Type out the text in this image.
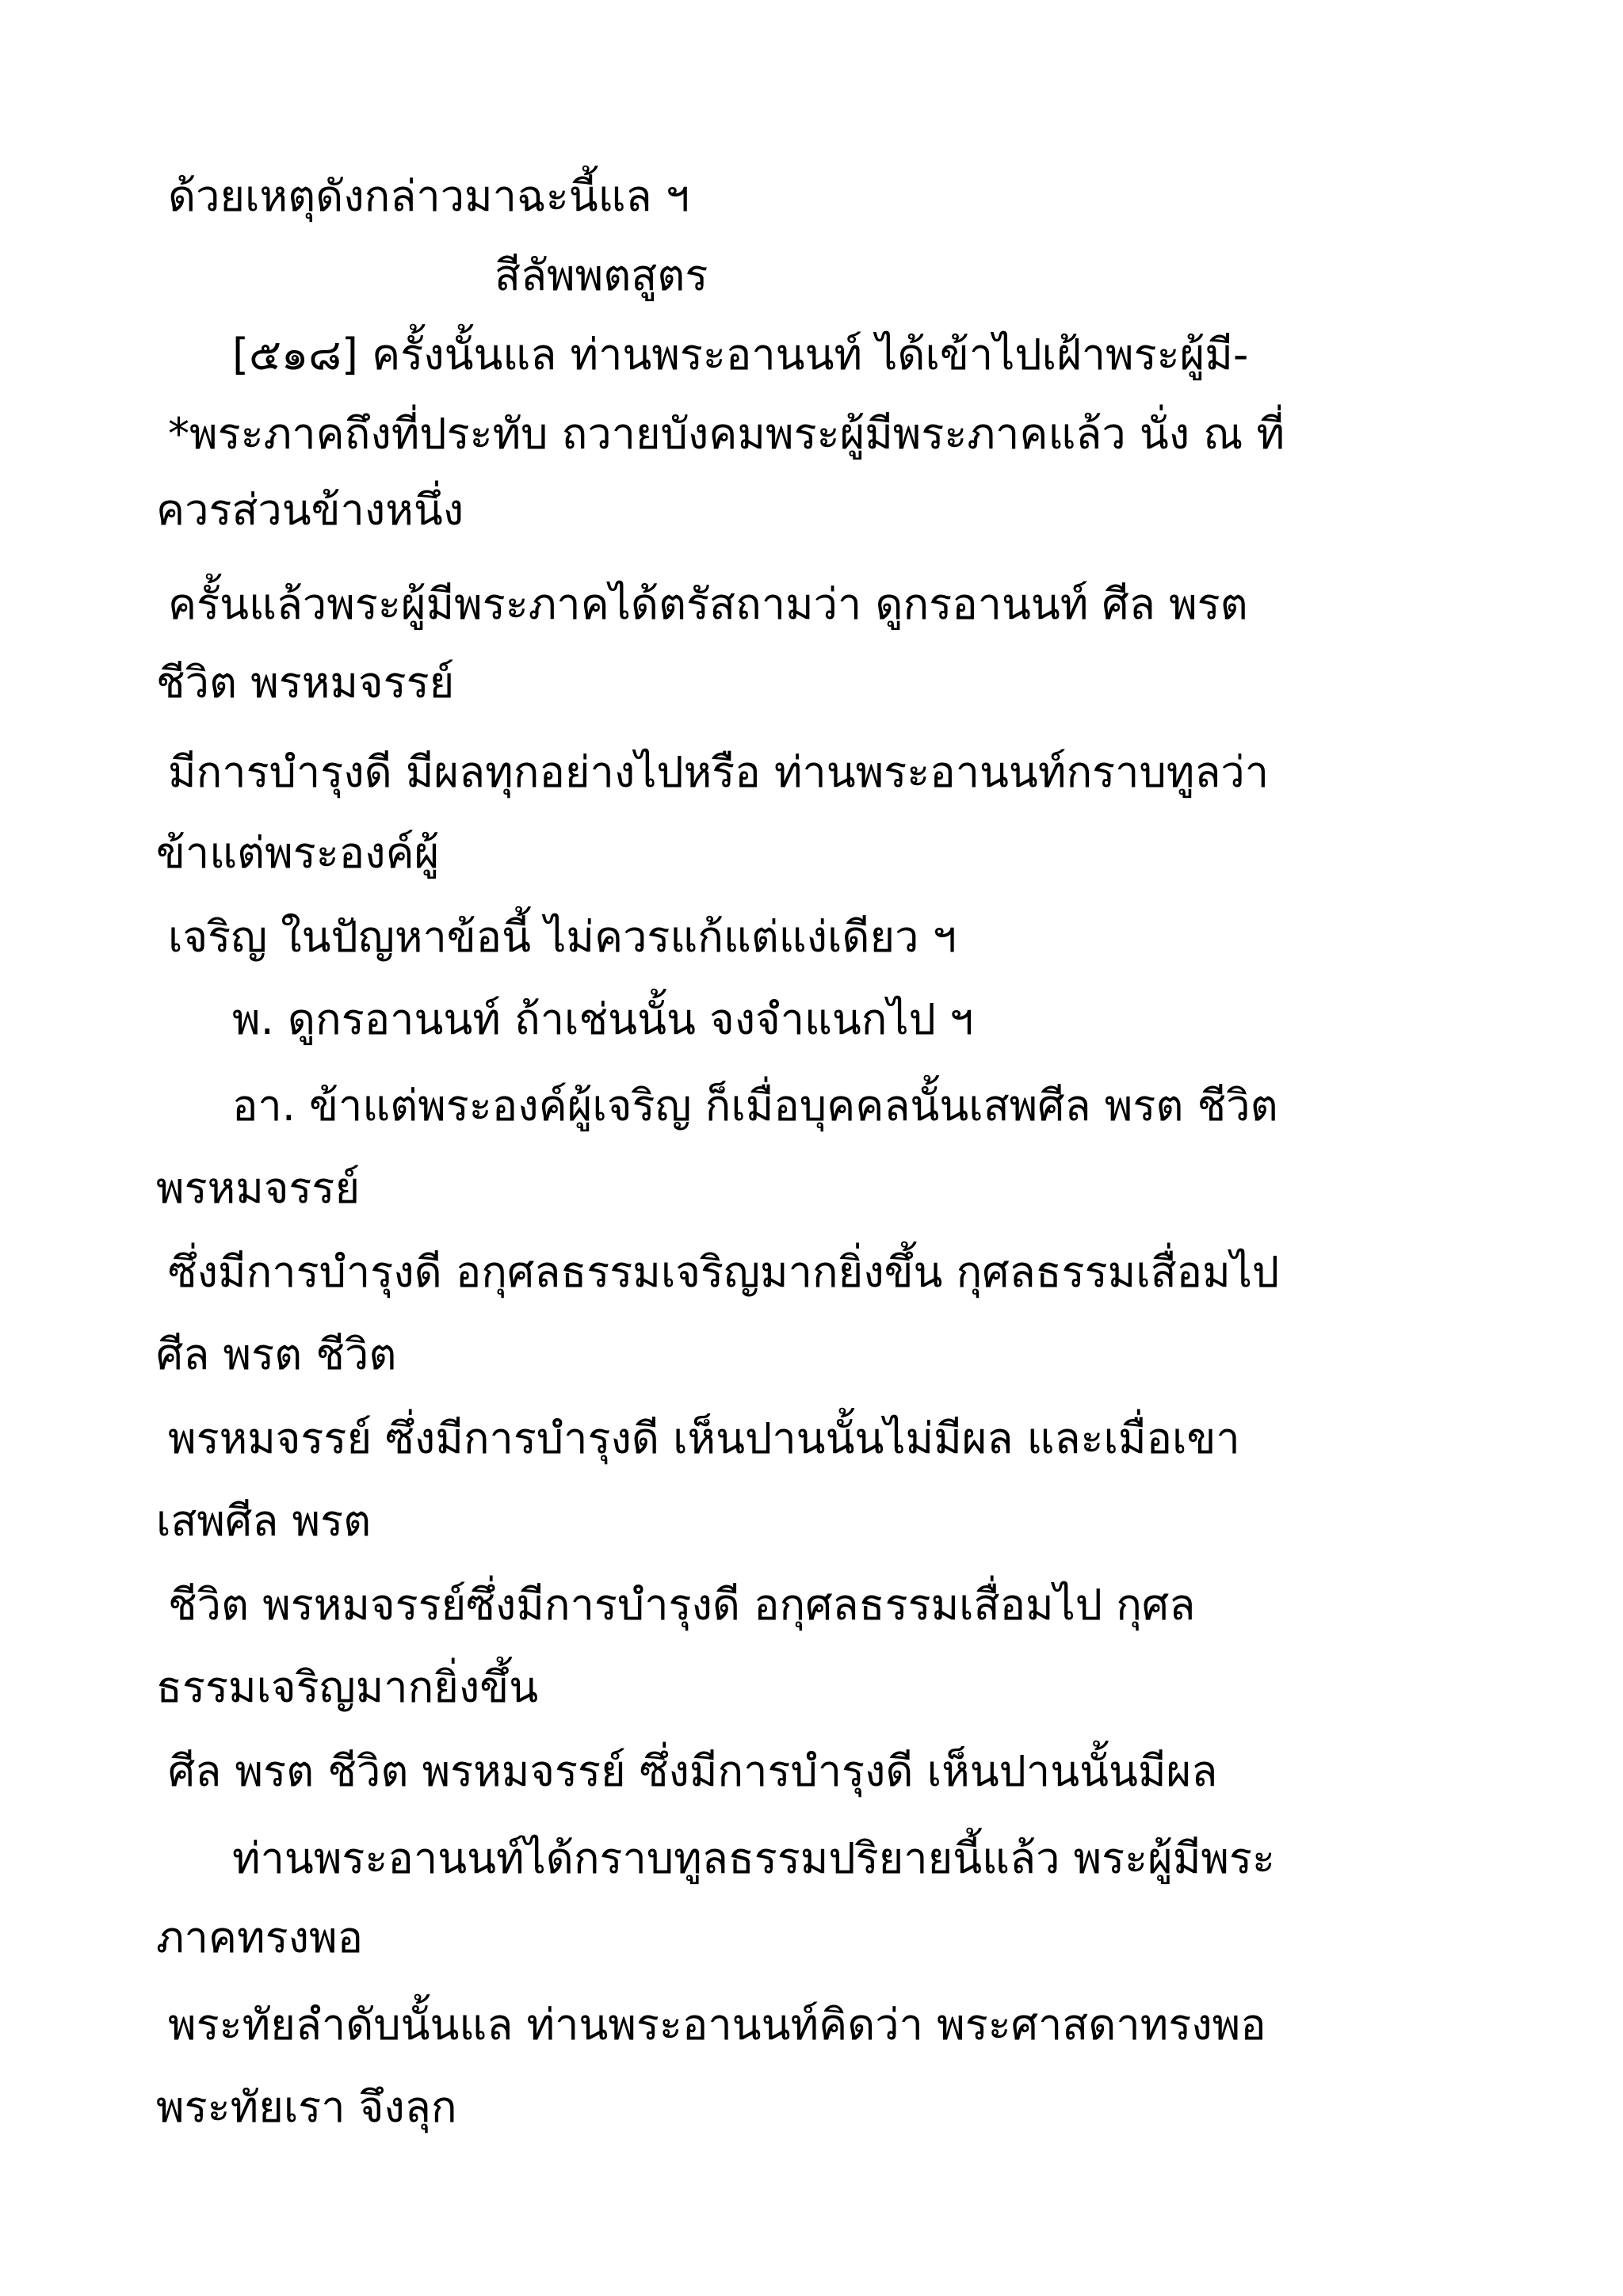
ด้วยเหตุดังกล่าวมาฉะนี้แล ฯ
สีลัพพตสูตร
[๕๑๘] ครั้งนั้นแล ท่านพระอานนท์ ได้เข้าไปเฝ้าพระผู้มี-
*พระภาคถึงที่ประทับ ถวายบังคมพระผู้มีพระภาคแล้ว นั่ง ณ ที่
ควรส่วนข้างหนึ่ง
ครั้นแล้วพระผู้มีพระภาคได้ตรัสถามว่า ดูกรอานนท์ ศีล พรต
ชีวิต พรหมจรรย์
มีการบำรุงดี มีผลทุกอย่างไปหรือ ท่านพระอานนท์กราบทูลว่า
ข้าแต่พระองค์ผู้
เจริญ ในปัญหาข้อนี้ ไม่ควรแก้แต่แง่เดียว ฯ
พ. ดูกรอานนท์ ถ้าเช่นนั้น จงจำแนกไป ฯ
อา. ข้าแต่พระองค์ผู้เจริญ ก็เมื่อบุคคลนั้นเสพศีล พรต ชีวิต
พรหมจรรย์
ซึ่งมีการบำรุงดี อกุศลธรรมเจริญมากยิ่งขึ้น กุศลธรรมเสื่อมไป
ศีล พรต ชีวิต
พรหมจรรย์ ซึ่งมีการบำรุงดี เห็นปานนั้นไม่มีผล และเมื่อเขา
เสพศีล พรต
ชีวิต พรหมจรรย์ซึ่งมีการบำรุงดี อกุศลธรรมเสื่อมไป กุศล
ธรรมเจริญมากยิ่งขึ้น
ศีล พรต ชีวิต พรหมจรรย์ ซึ่งมีการบำรุงดี เห็นปานนั้นมีผล
ท่านพระอานนท์ได้กราบทูลธรรมปริยายนี้แล้ว พระผู้มีพระ
ภาคทรงพอ
พระทัยลำดับนั้นแล ท่านพระอานนท์คิดว่า พระศาสดาทรงพอ
พระทัยเรา จึงลุก
